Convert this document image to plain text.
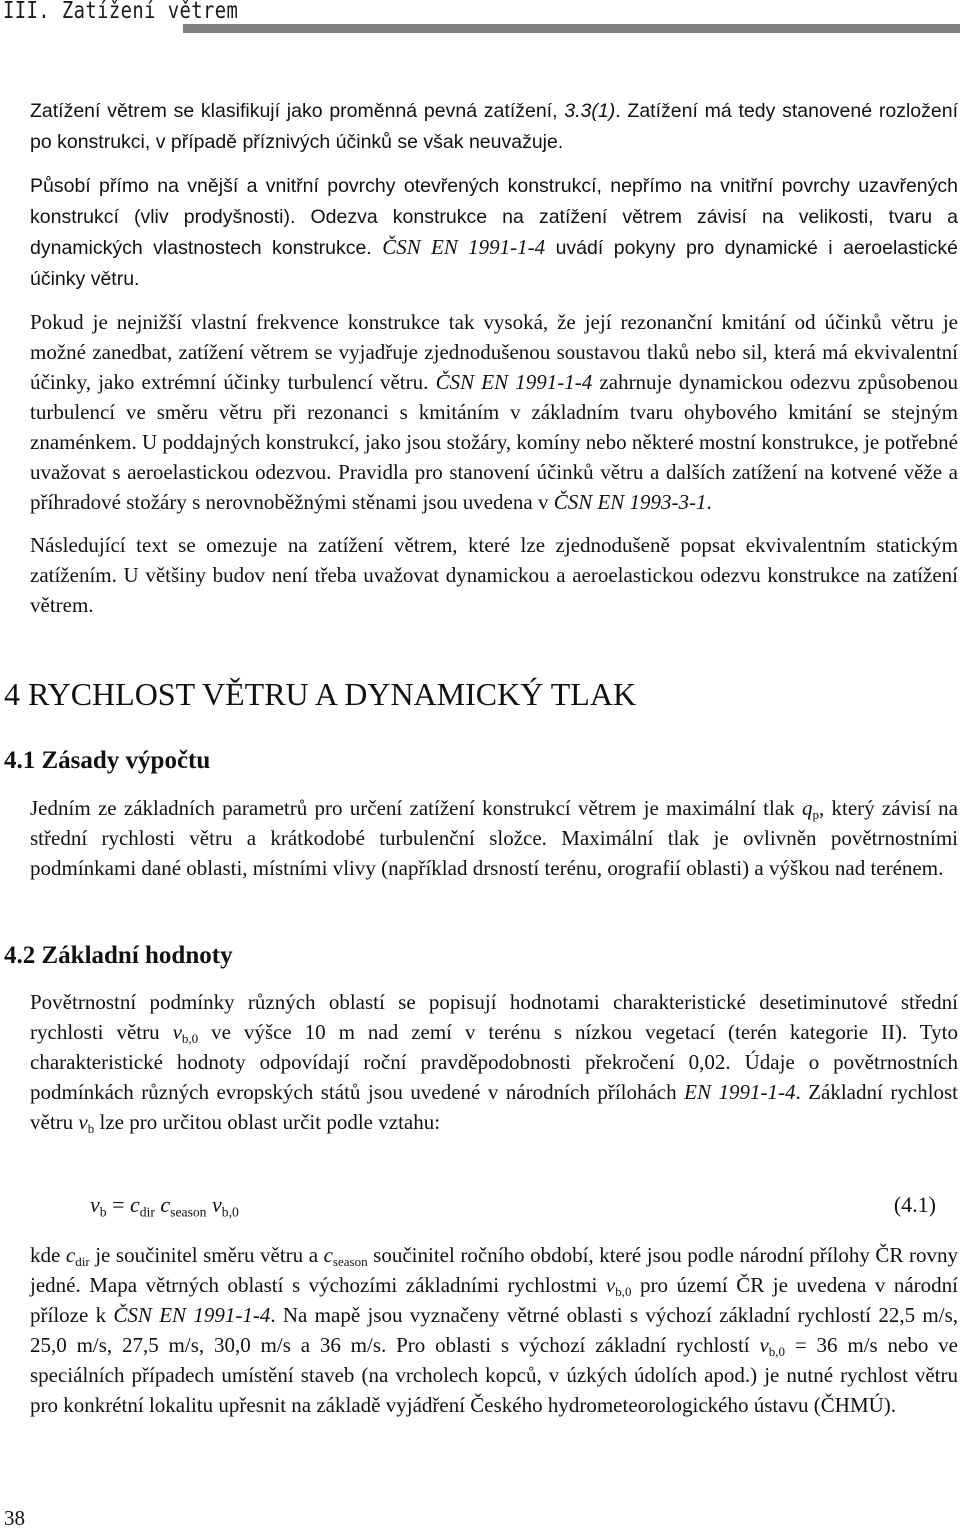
III. Zatížení větrem

Zatížení větrem se klasifikují jako proměnná pevná zatížení, 3.3(1). Zatížení má tedy stanovené rozložení po konstrukci, v případě příznivých účinků se však neuvažuje.

Působí přímo na vnější a vnitřní povrchy otevřených konstrukcí, nepřímo na vnitřní povrchy uzavřených konstrukcí (vliv prodyšnosti). Odezva konstrukce na zatížení větrem závisí na velikosti, tvaru a dynamických vlastnostech konstrukce. ČSN EN 1991-1-4 uvádí pokyny pro dynamické i aeroelastické účinky větru.

Pokud je nejnižší vlastní frekvence konstrukce tak vysoká, že její rezonanční kmitání od účinků větru je možné zanedbat, zatížení větrem se vyjadřuje zjednodušenou soustavou tlaků nebo sil, která má ekvivalentní účinky, jako extrémní účinky turbulencí větru. ČSN EN 1991-1-4 zahrnuje dynamickou odezvu způsobenou turbulencí ve směru větru při rezonanci s kmitáním v základním tvaru ohybového kmitání se stejným znaménkem. U poddajných konstrukcí, jako jsou stožáry, komíny nebo některé mostní konstrukce, je potřebné uvažovat s aeroelastickou odezvou. Pravidla pro stanovení účinků větru a dalších zatížení na kotvené věže a příhradové stožáry s nerovnoběžnými stěnami jsou uvedena v ČSN EN 1993-3-1.

Následující text se omezuje na zatížení větrem, které lze zjednodušeně popsat ekvivalentním statickým zatížením. U většiny budov není třeba uvažovat dynamickou a aeroelastickou odezvu konstrukce na zatížení větrem.

4 RYCHLOST VĚTRU A DYNAMICKÝ TLAK
4.1 Zásady výpočtu

Jedním ze základních parametrů pro určení zatížení konstrukcí větrem je maximální tlak $q_p$, který závisí na střední rychlosti větru a krátkodobé turbulenční složce. Maximální tlak je ovlivněn povětrnostními podmínkami dané oblasti, místními vlivy (například drsností terénu, orografií oblasti) a výškou nad terénem.

4.2 Základní hodnoty

Povětrnostní podmínky různých oblastí se popisují hodnotami charakteristické desetiminutové střední rychlosti větru $v_{b,0}$ ve výšce 10 m nad zemí v terénu s nízkou vegetací (terén kategorie II). Tyto charakteristické hodnoty odpovídají roční pravděpodobnosti překročení 0,02. Údaje o povětrnostních podmínkách různých evropských států jsou uvedené v národních přílohách EN 1991-1-4. Základní rychlost větru $v_b$ lze pro určitou oblast určit podle vztahu:

$v_b = c_{dir}$ $c_{season}$ $v_{b,0}$	(4.1)

kde $c_{dir}$ je součinitel směru větru a $c_{season}$ součinitel ročního období, které jsou podle národní přílohy ČR rovny jedné. Mapa větrných oblastí s výchozími základními rychlostmi $v_{b,0}$ pro území ČR je uvedena v národní příloze k ČSN EN 1991-1-4. Na mapě jsou vyznačeny větrné oblasti s výchozí základní rychlostí 22,5 m/s, 25,0 m/s, 27,5 m/s, 30,0 m/s a 36 m/s. Pro oblasti s výchozí základní rychlostí $v_{b,0} = 36$ m/s nebo ve speciálních případech umístění staveb (na vrcholech kopců, v úzkých údolích apod.) je nutné rychlost větru pro konkrétní lokalitu upřesnit na základě vyjádření Českého hydrometeorologického ústavu (ČHMÚ).

38
